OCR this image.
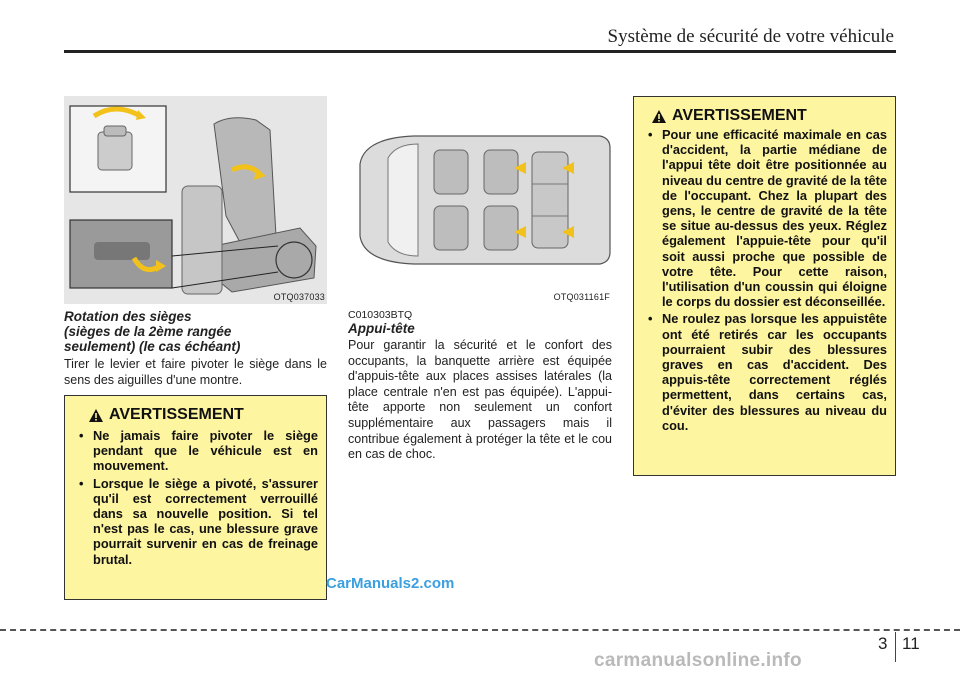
Système de sécurité de votre véhicule
OTQ037033	OTQ031161F
Rotation des sièges
(sièges de la 2ème rangée
seulement) (le cas échéant)
Tirer le levier et faire pivoter le siège dans le sens des aiguilles d'une montre.
AVERTISSEMENT
• Ne jamais faire pivoter le siège pendant que le véhicule est en mouvement.
• Lorsque le siège a pivoté, s'assurer qu'il est correctement verrouillé dans sa nouvelle position. Si tel n'est pas le cas, une blessure grave pourrait survenir en cas de freinage brutal.
C010303BTQ
Appui-tête
Pour garantir la sécurité et le confort des occupants, la banquette arrière est équipée d'appuis-tête aux places assises latérales (la place centrale n'en est pas équipée). L'appui-tête apporte non seulement un confort supplémentaire aux passagers mais il contribue également à protéger la tête et le cou en cas de choc.
AVERTISSEMENT
• Pour une efficacité maximale en cas d'accident, la partie médiane de l'appui tête doit être positionnée au niveau du centre de gravité de la tête de l'occupant. Chez la plupart des gens, le centre de gravité de la tête se situe au-dessus des yeux. Réglez également l'appuie-tête pour qu'il soit aussi proche que possible de votre tête. Pour cette raison, l'utilisation d'un coussin qui éloigne le corps du dossier est déconseillée.
• Ne roulez pas lorsque les appuistête ont été retirés car les occupants pourraient subir des blessures graves en cas d'accident. Des appuis-tête correctement réglés permettent, dans certains cas, d'éviter des blessures au niveau du cou.
CarManuals2.com
3 11
carmanualsonline.info
